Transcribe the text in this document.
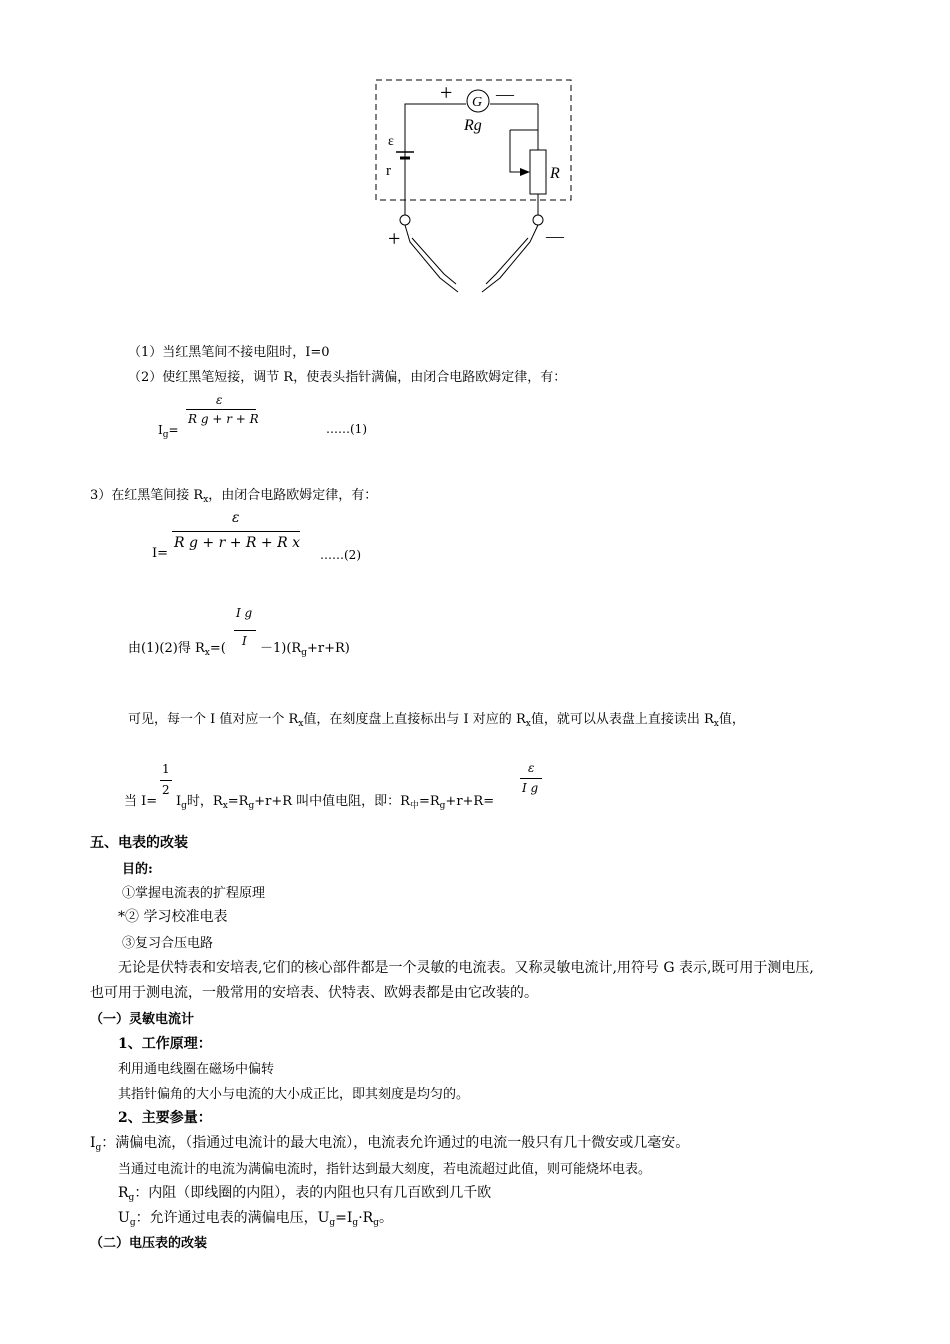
G
+ —
Rg
ε
r	R
+	—
（1）当红黑笔间不接电阻时，I=0
（2）使红黑笔短接，调节 R，使表头指针满偏，由闭合电路欧姆定律，有：
$I_g=$
ε
R g + r + R
……(1)
3）在红黑笔间接 $R_x$，由闭合电路欧姆定律，有：
I=
ε
R g + r + R + R x
……(2)
由(1)(2)得 $R_x=$(
I g
$I -1)(R_g+r+R)$
可见，每一个 I 值对应一个 $R_x$值，在刻度盘上直接标出与 I 对应的 $R_x$值，就可以从表盘上直接读出 $R_x$值，
1
2
当 $I= I_g$时，$R_x=R_g+r+R$ 叫中值电阻，即：$R_中=R_g+r+R=$
ε
I g
五、电表的改装
目的:
①掌握电流表的扩程原理
*② 学习校准电表
③复习合压电路
无论是伏特表和安培表,它们的核心部件都是一个灵敏的电流表。又称灵敏电流计,用符号 G 表示,既可用于测电压,
也可用于测电流，一般常用的安培表、伏特表、欧姆表都是由它改装的。
（一）灵敏电流计
1、工作原理：
利用通电线圈在磁场中偏转
其指针偏角的大小与电流的大小成正比，即其刻度是均匀的。
2、主要参量：
$I_g$：满偏电流，（指通过电流计的最大电流），电流表允许通过的电流一般只有几十微安或几毫安。
当通过电流计的电流为满偏电流时，指针达到最大刻度，若电流超过此值，则可能烧坏电表。
$R_g$：内阻（即线圈的内阻），表的内阻也只有几百欧到几千欧
$U_g$：允许通过电表的满偏电压，$U_g=I_g\cdot R_g$。
（二）电压表的改装
